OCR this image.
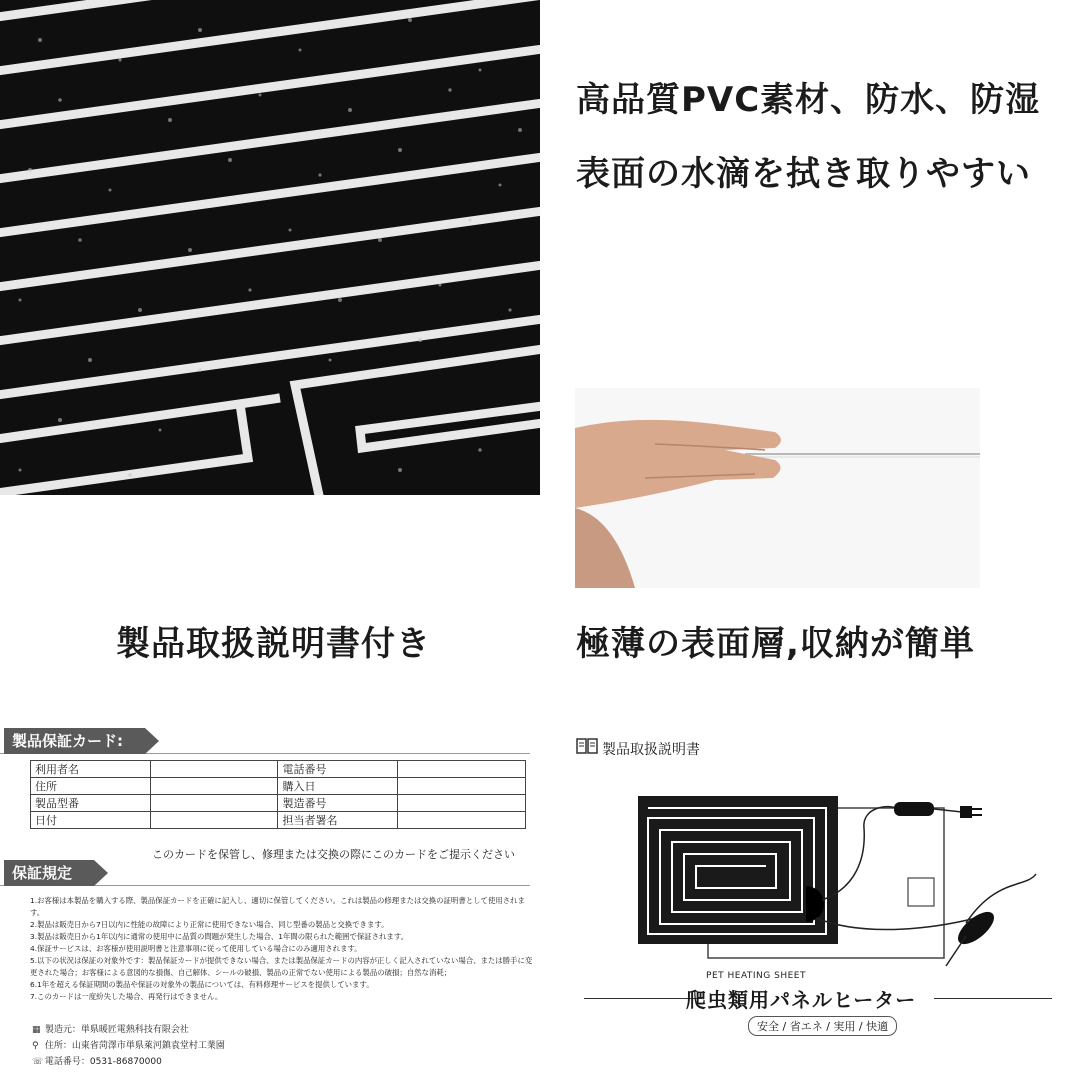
高品質PVC素材、防水、防湿
表面の水滴を拭き取りやすい
製品取扱説明書付き	極薄の表面層,収納が簡単
製品保証カード:
利用者名		電話番号	
住所		購入日	
製品型番		製造番号	
日付		担当者署名	
このカードを保管し、修理または交換の際にこのカードをご提示ください
保証規定
1.お客様は本製品を購入する際、製品保証カードを正確に記入し、適切に保管してください。これは製品の修理または交換の証明書として使用されます。
2.製品は販売日から7日以内に性能の故障により正常に使用できない場合、同じ型番の製品と交換できます。
3.製品は販売日から1年以内に通常の使用中に品質の問題が発生した場合、1年間の限られた範囲で保証されます。
4.保証サービスは、お客様が使用説明書と注意事項に従って使用している場合にのみ適用されます。
5.以下の状況は保証の対象外です：製品保証カードが提供できない場合、または製品保証カードの内容が正しく記入されていない場合、または勝手に変更された場合；お客様による意図的な損傷、自己解体、シールの破損、製品の正常でない使用による製品の破損；自然な消耗；
6.1年を超える保証期間の製品や保証の対象外の製品については、有料修理サービスを提供しています。
7.このカードは一度紛失した場合、再発行はできません。
▦ 製造元：単県暖匠電熱科技有限会社
⚲ 住所：山東省菏澤市単県萊河鎮袁堂村工業園
☏ 電話番号：0531-86870000
製品取扱説明書
PET HEATING SHEET
爬虫類用パネルヒーター
安全 / 省エネ / 実用 / 快適
